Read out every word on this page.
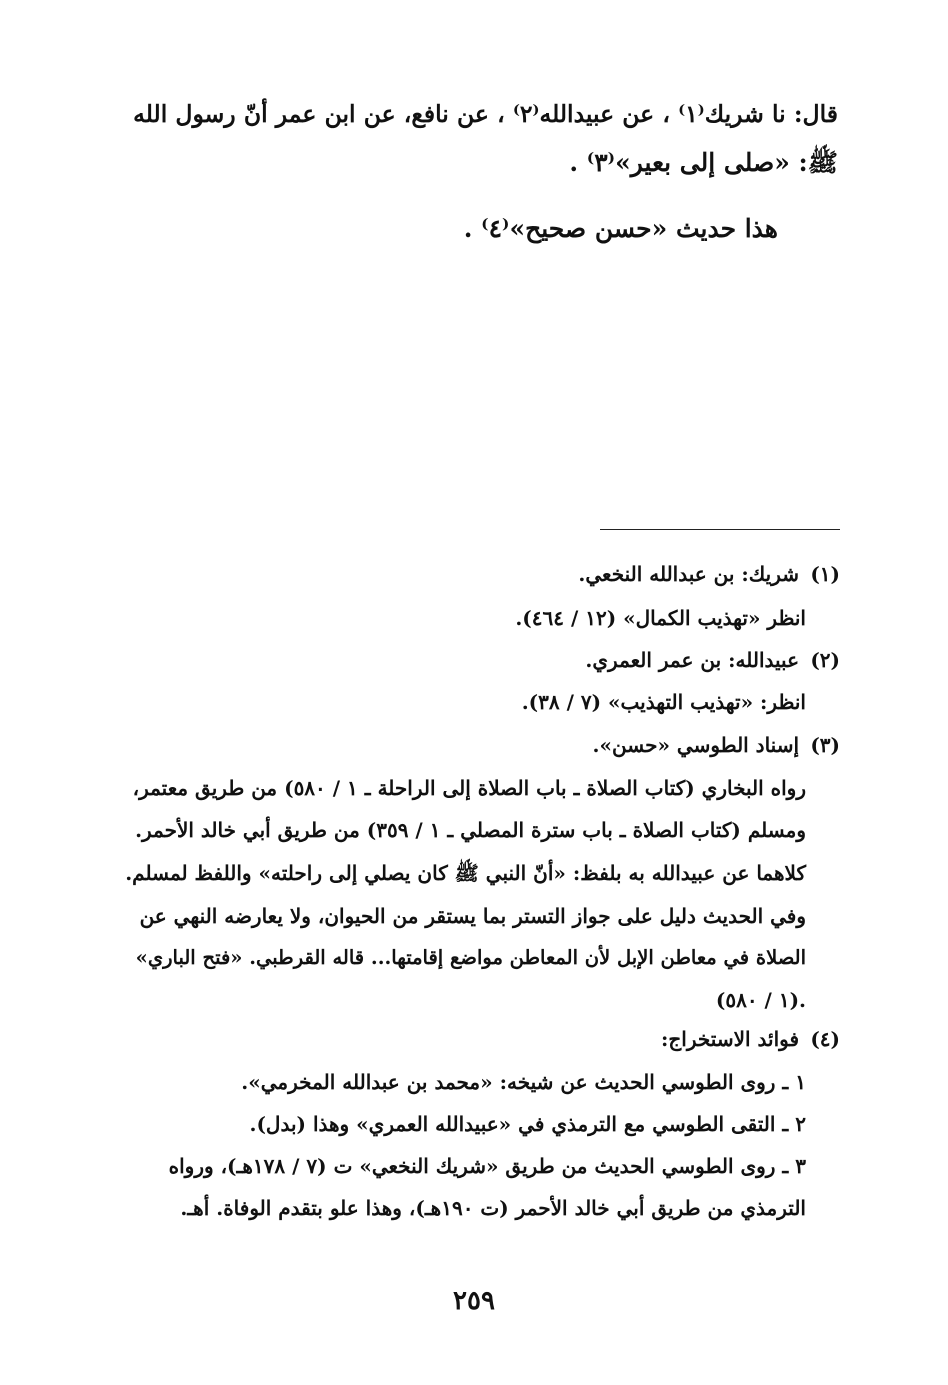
قال: نا شريك⁽١⁾ ، عن عبيدالله⁽٢⁾ ، عن نافع، عن ابن عمر أنّ رسول الله
ﷺ: «صلى إلى بعير»⁽٣⁾ .
هذا حديث «حسن صحيح»⁽٤⁾ .
(١) شريك: بن عبدالله النخعي.
انظر «تهذيب الكمال» (١٢ / ٤٦٤).
(٢) عبيدالله: بن عمر العمري.
انظر: «تهذيب التهذيب» (٧ / ٣٨).
(٣) إسناد الطوسي «حسن».
رواه البخاري (كتاب الصلاة ـ باب الصلاة إلى الراحلة ـ ١ / ٥٨٠) من طريق معتمر،
ومسلم (كتاب الصلاة ـ باب سترة المصلي ـ ١ / ٣٥٩) من طريق أبي خالد الأحمر.
كلاهما عن عبيدالله به بلفظ: «أنّ النبي ﷺ كان يصلي إلى راحلته» واللفظ لمسلم.
وفي الحديث دليل على جواز التستر بما يستقر من الحيوان، ولا يعارضه النهي عن
الصلاة في معاطن الإبل لأن المعاطن مواضع إقامتها... قاله القرطبي. «فتح الباري»
(١ / ٥٨٠).
(٤) فوائد الاستخراج:
١ ـ روى الطوسي الحديث عن شيخه: «محمد بن عبدالله المخرمي».
٢ ـ التقى الطوسي مع الترمذي في «عبيدالله العمري» وهذا (بدل).
٣ ـ روى الطوسي الحديث من طريق «شريك النخعي» ت (٧ / ١٧٨هـ)، ورواه
الترمذي من طريق أبي خالد الأحمر (ت ١٩٠هـ)، وهذا علو بتقدم الوفاة. أهـ.
٢٥٩
